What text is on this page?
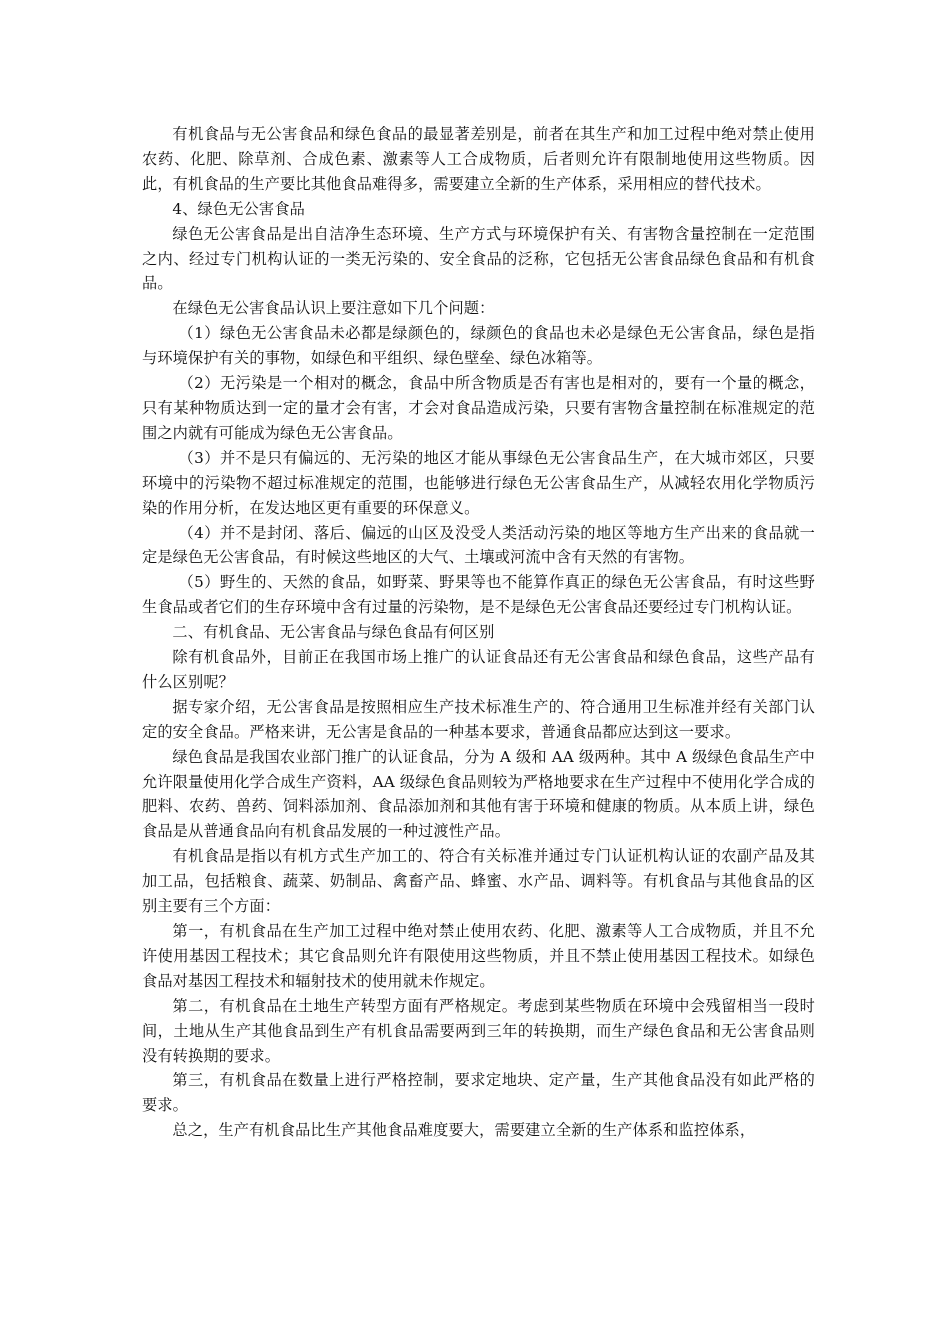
有机食品与无公害食品和绿色食品的最显著差别是，前者在其生产和加工过程中绝对禁止使用农药、化肥、除草剂、合成色素、激素等人工合成物质，后者则允许有限制地使用这些物质。因此，有机食品的生产要比其他食品难得多，需要建立全新的生产体系，采用相应的替代技术。

4、绿色无公害食品

绿色无公害食品是出自洁净生态环境、生产方式与环境保护有关、有害物含量控制在一定范围之内、经过专门机构认证的一类无污染的、安全食品的泛称，它包括无公害食品绿色食品和有机食品。

在绿色无公害食品认识上要注意如下几个问题：

（1）绿色无公害食品未必都是绿颜色的，绿颜色的食品也未必是绿色无公害食品，绿色是指与环境保护有关的事物，如绿色和平组织、绿色壁垒、绿色冰箱等。

（2）无污染是一个相对的概念，食品中所含物质是否有害也是相对的，要有一个量的概念，只有某种物质达到一定的量才会有害，才会对食品造成污染，只要有害物含量控制在标准规定的范围之内就有可能成为绿色无公害食品。

（3）并不是只有偏远的、无污染的地区才能从事绿色无公害食品生产，在大城市郊区，只要环境中的污染物不超过标准规定的范围，也能够进行绿色无公害食品生产，从减轻农用化学物质污染的作用分析，在发达地区更有重要的环保意义。

（4）并不是封闭、落后、偏远的山区及没受人类活动污染的地区等地方生产出来的食品就一定是绿色无公害食品，有时候这些地区的大气、土壤或河流中含有天然的有害物。

（5）野生的、天然的食品，如野菜、野果等也不能算作真正的绿色无公害食品，有时这些野生食品或者它们的生存环境中含有过量的污染物，是不是绿色无公害食品还要经过专门机构认证。

二、有机食品、无公害食品与绿色食品有何区别

除有机食品外，目前正在我国市场上推广的认证食品还有无公害食品和绿色食品，这些产品有什么区别呢？

据专家介绍，无公害食品是按照相应生产技术标准生产的、符合通用卫生标准并经有关部门认定的安全食品。严格来讲，无公害是食品的一种基本要求，普通食品都应达到这一要求。

绿色食品是我国农业部门推广的认证食品，分为 A 级和 AA 级两种。其中 A 级绿色食品生产中允许限量使用化学合成生产资料，AA 级绿色食品则较为严格地要求在生产过程中不使用化学合成的肥料、农药、兽药、饲料添加剂、食品添加剂和其他有害于环境和健康的物质。从本质上讲，绿色食品是从普通食品向有机食品发展的一种过渡性产品。

有机食品是指以有机方式生产加工的、符合有关标准并通过专门认证机构认证的农副产品及其加工品，包括粮食、蔬菜、奶制品、禽畜产品、蜂蜜、水产品、调料等。有机食品与其他食品的区别主要有三个方面：

第一，有机食品在生产加工过程中绝对禁止使用农药、化肥、激素等人工合成物质，并且不允许使用基因工程技术；其它食品则允许有限使用这些物质，并且不禁止使用基因工程技术。如绿色食品对基因工程技术和辐射技术的使用就未作规定。

第二，有机食品在土地生产转型方面有严格规定。考虑到某些物质在环境中会残留相当一段时间，土地从生产其他食品到生产有机食品需要两到三年的转换期，而生产绿色食品和无公害食品则没有转换期的要求。

第三，有机食品在数量上进行严格控制，要求定地块、定产量，生产其他食品没有如此严格的要求。

总之，生产有机食品比生产其他食品难度要大，需要建立全新的生产体系和监控体系，
